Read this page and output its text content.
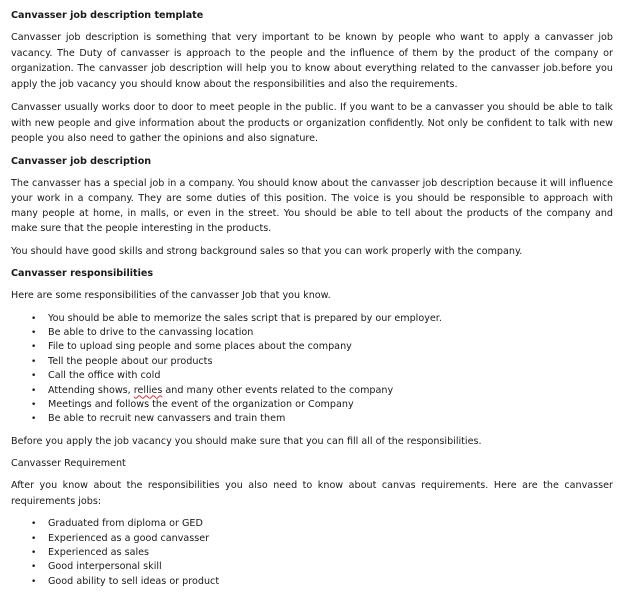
Canvasser job description template
Canvasser job description is something that very important to be known by people who want to apply a canvasser job vacancy. The Duty of canvasser is approach to the people and the influence of them by the product of the company or organization. The canvasser job description will help you to know about everything related to the canvasser job.before you apply the job vacancy you should know about the responsibilities and also the requirements.
Canvasser usually works door to door to meet people in the public. If you want to be a canvasser you should be able to talk with new people and give information about the products or organization confidently. Not only be confident to talk with new people you also need to gather the opinions and also signature.
Canvasser job description
The canvasser has a special job in a company. You should know about the canvasser job description because it will influence your work in a company. They are some duties of this position. The voice is you should be responsible to approach with many people at home, in malls, or even in the street. You should be able to tell about the products of the company and make sure that the people interesting in the products.
You should have good skills and strong background sales so that you can work properly with the company.
Canvasser responsibilities
Here are some responsibilities of the canvasser Job that you know.
• You should be able to memorize the sales script that is prepared by our employer.
• Be able to drive to the canvassing location
• File to upload sing people and some places about the company
• Tell the people about our products
• Call the office with cold
• Attending shows, rellies and many other events related to the company
• Meetings and follows the event of the organization or Company
• Be able to recruit new canvassers and train them
Before you apply the job vacancy you should make sure that you can fill all of the responsibilities.
Canvasser Requirement
After you know about the responsibilities you also need to know about canvas requirements. Here are the canvasser requirements jobs:
• Graduated from diploma or GED
• Experienced as a good canvasser
• Experienced as sales
• Good interpersonal skill
• Good ability to sell ideas or product
